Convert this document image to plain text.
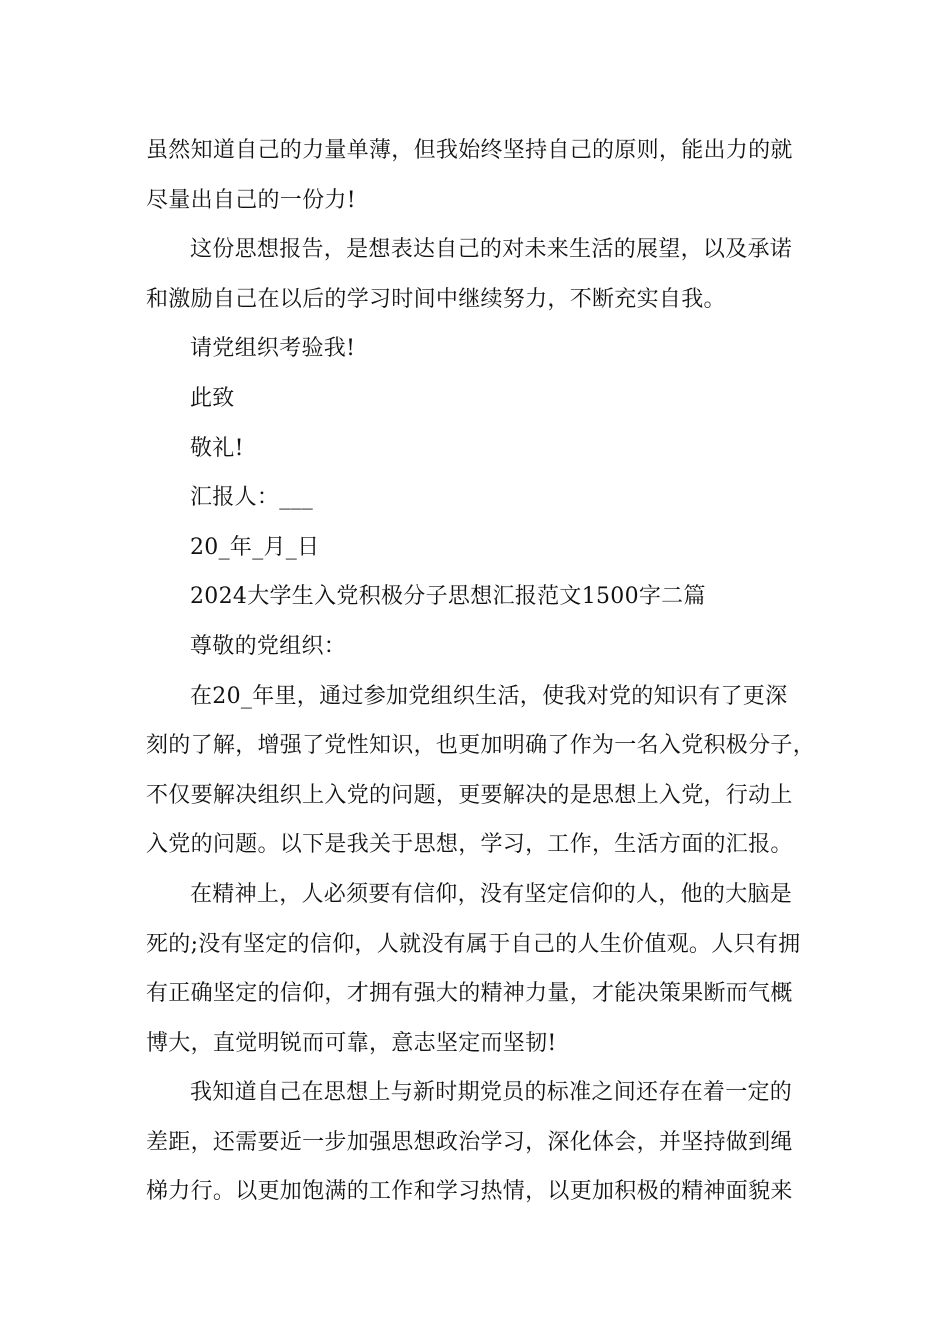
虽然知道自己的力量单薄，但我始终坚持自己的原则，能出力的就
尽量出自己的一份力!
这份思想报告，是想表达自己的对未来生活的展望，以及承诺
和激励自己在以后的学习时间中继续努力，不断充实自我。
请党组织考验我!
此致
敬礼!
汇报人：___
20_年_月_日
2024大学生入党积极分子思想汇报范文1500字二篇
尊敬的党组织：
在20_年里，通过参加党组织生活，使我对党的知识有了更深
刻的了解，增强了党性知识，也更加明确了作为一名入党积极分子，
不仅要解决组织上入党的问题，更要解决的是思想上入党，行动上
入党的问题。以下是我关于思想，学习，工作，生活方面的汇报。
在精神上，人必须要有信仰，没有坚定信仰的人，他的大脑是
死的;没有坚定的信仰，人就没有属于自己的人生价值观。人只有拥
有正确坚定的信仰，才拥有强大的精神力量，才能决策果断而气概
博大，直觉明锐而可靠，意志坚定而坚韧!
我知道自己在思想上与新时期党员的标准之间还存在着一定的
差距，还需要近一步加强思想政治学习，深化体会，并坚持做到绳
梯力行。以更加饱满的工作和学习热情，以更加积极的精神面貌来
